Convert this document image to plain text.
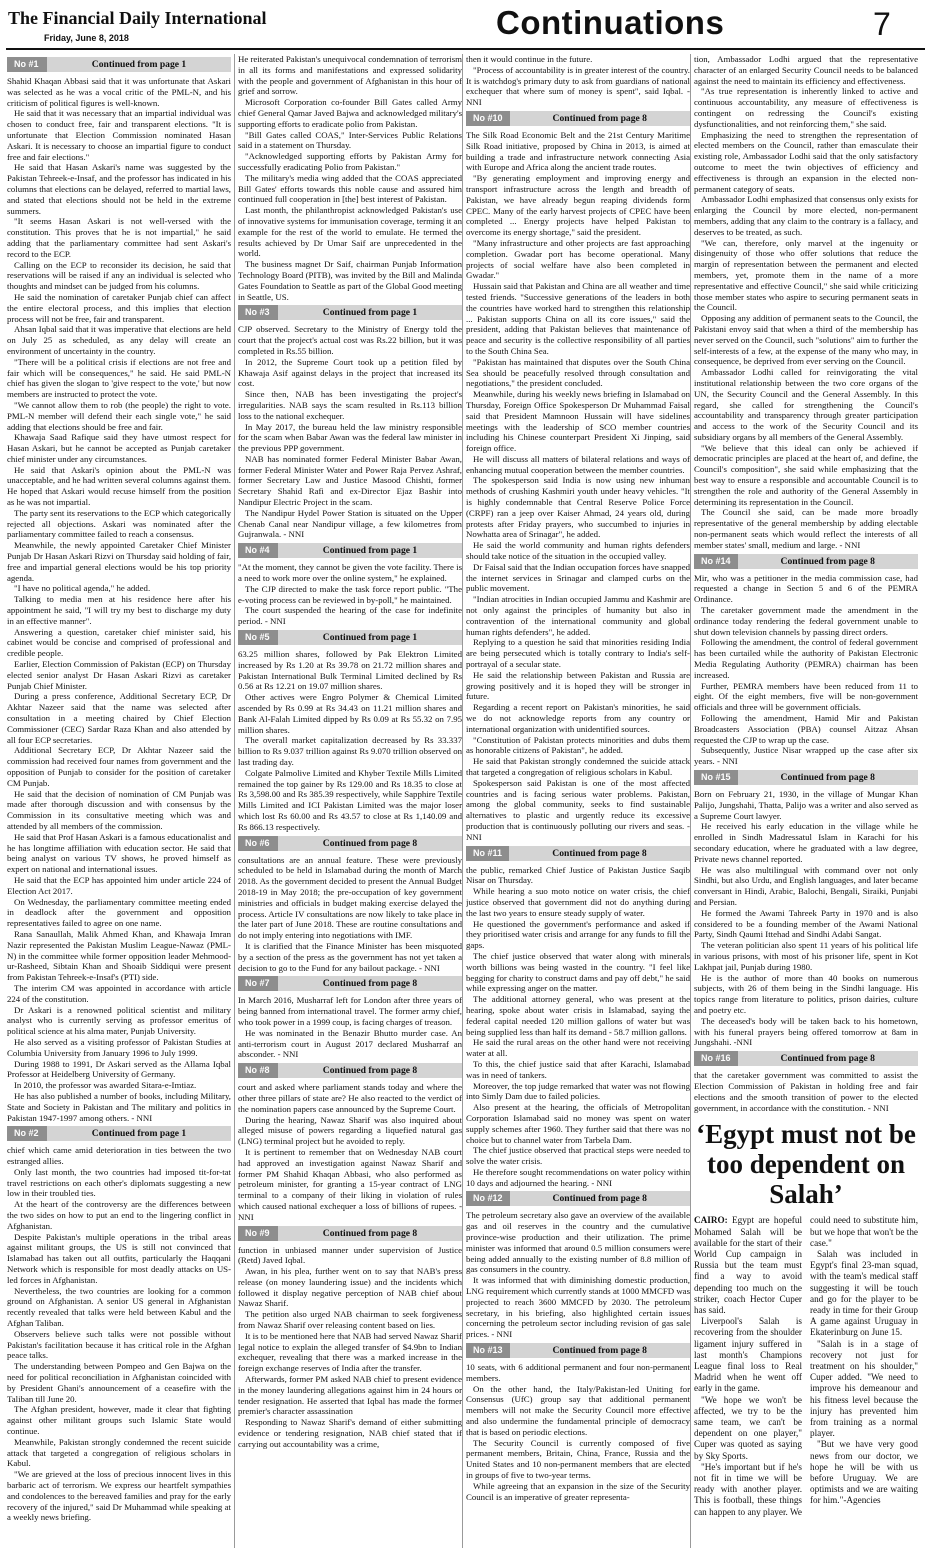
The Financial Daily International
Friday, June 8, 2018	Continuations	7
No #1	Continued from page 1

Shahid Khaqan Abbasi said that it was unfortunate that Askari was selected as he was a vocal critic of the PML-N, and his criticism of political figures is well-known.

He said that it was necessary that an impartial individual was chosen to conduct free, fair and transparent elections. "It is unfortunate that Election Commission nominated Hasan Askari. It is necessary to choose an impartial figure to conduct free and fair elections."

He said that Hasan Askari's name was suggested by the Pakistan Tehreek-e-Insaf, and the professor has indicated in his columns that elections can be delayed, referred to martial laws, and stated that elections should not be held in the extreme summers.

"It seems Hasan Askari is not well-versed with the constitution. This proves that he is not impartial," he said adding that the parliamentary committee had sent Askari's record to the ECP.

Calling on the ECP to reconsider its decision, he said that reservations will be raised if any an individual is selected who thoughts and mindset can be judged from his columns.

He said the nomination of caretaker Punjab chief can affect the entire electoral process, and this implies that election process will not be free, fair and transparent.

Ahsan Iqbal said that it was imperative that elections are held on July 25 as scheduled, as any delay will create an environment of uncertainty in the country.

"There will be a political crisis if elections are not free and fair which will be consequences," he said. He said PML-N chief has given the slogan to 'give respect to the vote,' but now members are instructed to protect the vote.

"We cannot allow them to rob (the people) the right to vote. PML-N member will defend their each single vote," he said adding that elections should be free and fair.

Khawaja Saad Rafique said they have utmost respect for Hasan Askari, but he cannot be accepted as Punjab caretaker chief minister under any circumstances.

He said that Askari's opinion about the PML-N was unacceptable, and he had written several columns against them. He hoped that Askari would recuse himself from the position as he was not impartial.

The party sent its reservations to the ECP which categorically rejected all objections. Askari was nominated after the parliamentary committee failed to reach a consensus.

Meanwhile, the newly appointed Caretaker Chief Minister Punjab Dr Hasan Askari Rizvi on Thursday said holding of fair, free and impartial general elections would be his top priority agenda.

"I have no political agenda," he added.

Talking to media men at his residence here after his appointment he said, "I will try my best to discharge my duty in an effective manner".

Answering a question, caretaker chief minister said, his cabinet would be concise and comprised of professional and credible people.

Earlier, Election Commission of Pakistan (ECP) on Thursday elected senior analyst Dr Hasan Askari Rizvi as caretaker Punjab Chief Minister.

During a press conference, Additional Secretary ECP, Dr Akhtar Nazeer said that the name was selected after consultation in a meeting chaired by Chief Election Commissioner (CEC) Sardar Raza Khan and also attended by all four ECP secretaries.

Additional Secretary ECP, Dr Akhtar Nazeer said the commission had received four names from government and the opposition of Punjab to consider for the position of caretaker CM Punjab.

He said that the decision of nomination of CM Punjab was made after thorough discussion and with consensus by the Commission in its consultative meeting which was and attended by all members of the commission.

He said that Prof Hasan Askari is a famous educationalist and he has longtime affiliation with education sector. He said that being analyst on various TV shows, he proved himself as expert on national and international issues.

He said that the ECP has appointed him under article 224 of Election Act 2017.

On Wednesday, the parliamentary committee meeting ended in deadlock after the government and opposition representatives failed to agree on one name.

Rana Sanaullah, Malik Ahmed Khan, and Khawaja Imran Nazir represented the Pakistan Muslim League-Nawaz (PML-N) in the committee while former opposition leader Mehmood-ur-Rasheed, Sibtain Khan and Shoaib Siddiqui were present from Pakistan Tehreek-e-Insaf's (PTI) side.

The interim CM was appointed in accordance with article 224 of the constitution.

Dr Askari is a renowned political scientist and military analyst who is currently serving as professor emeritus of political science at his alma mater, Punjab University.

He also served as a visiting professor of Pakistan Studies at Columbia University from January 1996 to July 1999.

During 1988 to 1991, Dr Askari served as the Allama Iqbal Professor at Heidelberg University of Germany.

In 2010, the professor was awarded Sitara-e-Imtiaz.

He has also published a number of books, including Military, State and Society in Pakistan and The military and politics in Pakistan 1947-1997 among others. - NNI

No #2	Continued from page 1

chief which came amid deterioration in ties between the two estranged allies.

Only last month, the two countries had imposed tit-for-tat travel restrictions on each other's diplomats suggesting a new low in their troubled ties.

At the heart of the controversy are the differences between the two sides on how to put an end to the lingering conflict in Afghanistan.

Despite Pakistan's multiple operations in the tribal areas against militant groups, the US is still not convinced that Islamabad has taken out all outfits, particularly the Haqqani Network which is responsible for most deadly attacks on US-led forces in Afghanistan.

Nevertheless, the two countries are looking for a common ground on Afghanistan. A senior US general in Afghanistan recently revealed that talks were held between Kabul and the Afghan Taliban.

Observers believe such talks were not possible without Pakistan's facilitation because it has critical role in the Afghan peace talks.

The understanding between Pompeo and Gen Bajwa on the need for political reconciliation in Afghanistan coincided with by President Ghani's announcement of a ceasefire with the Taliban till June 20.

The Afghan president, however, made it clear that fighting against other militant groups such Islamic State would continue.

Meanwhile, Pakistan strongly condemned the recent suicide attack that targeted a congregation of religious scholars in Kabul.

"We are grieved at the loss of precious innocent lives in this barbaric act of terrorism. We express our heartfelt sympathies and condolences to the bereaved families and pray for the early recovery of the injured," said Dr Muhammad while speaking at a weekly news briefing.

He reiterated Pakistan's unequivocal condemnation of terrorism in all its forms and manifestations and expressed solidarity with the people and government of Afghanistan in this hour of grief and sorrow.

Microsoft Corporation co-founder Bill Gates called Army chief General Qamar Javed Bajwa and acknowledged military's supporting efforts to eradicate polio from Pakistan.

"Bill Gates called COAS," Inter-Services Public Relations said in a statement on Thursday.

"Acknowledged supporting efforts by Pakistan Army for successfully eradicating Polio from Pakistan."

The military's media wing added that the COAS appreciated Bill Gates' efforts towards this noble cause and assured him continued full cooperation in [the] best interest of Pakistan.

Last month, the philanthropist acknowledged Pakistan's use of innovative systems for immunisation coverage, terming it an example for the rest of the world to emulate. He termed the results achieved by Dr Umar Saif are unprecedented in the world.

The business magnet Dr Saif, chairman Punjab Information Technology Board (PITB), was invited by the Bill and Malinda Gates Foundation to Seattle as part of the Global Good meeting in Seattle, US.

No #3	Continued from page 1

CJP observed. Secretary to the Ministry of Energy told the court that the project's actual cost was Rs.22 billion, but it was completed in Rs.55 billion.

In 2012, the Supreme Court took up a petition filed by Khawaja Asif against delays in the project that increased its cost.

Since then, NAB has been investigating the project's irregularities. NAB says the scam resulted in Rs.113 billion loss to the national exchequer.

In May 2017, the bureau held the law ministry responsible for the scam when Babar Awan was the federal law minister in the previous PPP government.

NAB has nominated former Federal Minister Babar Awan, former Federal Minister Water and Power Raja Pervez Ashraf, former Secretary Law and Justice Masood Chishti, former Secretary Shahid Rafi and ex-Director Ejaz Bashir into Nandipur Electric Project in the scam.

The Nandipur Hydel Power Station is situated on the Upper Chenab Canal near Nandipur village, a few kilometres from Gujranwala. - NNI

No #4	Continued from page 1

"At the moment, they cannot be given the vote facility. There is a need to work more over the online system," he explained.

The CJP directed to make the task force report public. "The e-voting process can be reviewed in by-poll," he maintained.

The court suspended the hearing of the case for indefinite period. - NNI

No #5	Continued from page 1

63.25 million shares, followed by Pak Elektron Limited increased by Rs 1.20 at Rs 39.78 on 21.72 million shares and Pakistan International Bulk Terminal Limited declined by Rs 0.56 at Rs 12.21 on 19.07 million shares.

Other actives were Engro Polymer & Chemical Limited ascended by Rs 0.99 at Rs 34.43 on 11.21 million shares and Bank Al-Falah Limited dipped by Rs 0.09 at Rs 55.32 on 7.95 million shares.

The overall market capitalization decreased by Rs 33.337 billion to Rs 9.037 trillion against Rs 9.070 trillion observed on last trading day.

Colgate Palmolive Limited and Khyber Textile Mills Limited remained the top gainer by Rs 129.00 and Rs 18.35 to close at Rs 3,598.00 and Rs 385.39 respectively, while Sapphire Textile Mills Limited and ICI Pakistan Limited was the major loser which lost Rs 60.00 and Rs 43.57 to close at Rs 1,140.09 and Rs 866.13 respectively.

No #6	Continued from page 8

consultations are an annual feature. These were previously scheduled to be held in Islamabad during the month of March 2018. As the government decided to present the Annual Budget 2018-19 in May 2018; the pre-occupation of key government ministries and officials in budget making exercise delayed the process. Article IV consultations are now likely to take place in the later part of June 2018. These are routine consultations and do not imply entering into negotiations with IMF.

It is clarified that the Finance Minister has been misquoted by a section of the press as the government has not yet taken a decision to go to the Fund for any bailout package. - NNI

No #7	Continued from page 8

In March 2016, Musharraf left for London after three years of being banned from international travel. The former army chief, who took power in a 1999 coup, is facing charges of treason.

He was nominated in the Benazir Bhutto murder case. An anti-terrorism court in August 2017 declared Musharraf an absconder. - NNI

No #8	Continued from page 8

court and asked where parliament stands today and where the other three pillars of state are? He also reacted to the verdict of the nomination papers case announced by the Supreme Court.

During the hearing, Nawaz Sharif was also inquired about alleged misuse of powers regarding a liquefied natural gas (LNG) terminal project but he avoided to reply.

It is pertinent to remember that on Wednesday NAB court had approved an investigation against Nawaz Sharif and former PM Shahid Khaqan Abbasi, who also performed as petroleum minister, for granting a 15-year contract of LNG terminal to a company of their liking in violation of rules which caused national exchequer a loss of billions of rupees. - NNI

No #9	Continued from page 8

function in unbiased manner under supervision of Justice (Retd) Javed Iqbal.

Awan, in his plea, further went on to say that NAB's press release (on money laundering issue) and the incidents which followed it display negative perception of NAB chief about Nawaz Sharif.

The petition also urged NAB chairman to seek forgiveness from Nawaz Sharif over releasing content based on lies.

It is to be mentioned here that NAB had served Nawaz Sharif legal notice to explain the alleged transfer of $4.9bn to Indian exchequer, revealing that there was a marked increase in the foreign exchange reserves of India after the transfer.

Afterwards, former PM asked NAB chief to present evidence in the money laundering allegations against him in 24 hours or tender resignation. He asserted that Iqbal has made the former premier's character assassination

Responding to Nawaz Sharif's demand of either submitting evidence or tendering resignation, NAB chief stated that if carrying out accountability was a crime,

then it would continue in the future.

"Process of accountability is in greater interest of the country. It is watchdog's primary duty to ask from guardians of national exchequer that where sum of money is spent", said Iqbal. - NNI

No #10	Continued from page 8

The Silk Road Economic Belt and the 21st Century Maritime Silk Road initiative, proposed by China in 2013, is aimed at building a trade and infrastructure network connecting Asia with Europe and Africa along the ancient trade routes.

"By generating employment and improving energy and transport infrastructure across the length and breadth of Pakistan, we have already begun reaping dividends form CPEC. Many of the early harvest projects of CPEC have been completed ... Energy projects have helped Pakistan to overcome its energy shortage," said the president.

"Many infrastructure and other projects are fast approaching completion. Gwadar port has become operational. Many projects of social welfare have also been completed in Gwadar."

Hussain said that Pakistan and China are all weather and time tested friends. "Successive generations of the leaders in both the countries have worked hard to strengthen this relationship ... Pakistan supports China on all its core issues," said the president, adding that Pakistan believes that maintenance of peace and security is the collective responsibility of all parties to the South China Sea.

"Pakistan has maintained that disputes over the South China Sea should be peacefully resolved through consultation and negotiations," the president concluded.

Meanwhile, during his weekly news briefing in Islamabad on Thursday, Foreign Office Spokesperson Dr Muhammad Faisal said that President Mamnoon Hussain will have sidelines meetings with the leadership of SCO member countries including his Chinese counterpart President Xi Jinping, said foreign office.

He will discuss all matters of bilateral relations and ways of enhancing mutual cooperation between the member countries.

The spokesperson said India is now using new inhuman methods of crushing Kashmiri youth under heavy vehicles. "It is highly condemnable that Central Reserve Police Force (CRPF) ran a jeep over Kaiser Ahmad, 24 years old, during protests after Friday prayers, who succumbed to injuries in Nowhatta area of Srinagar", he added.

He said the world community and human rights defenders should take notice of the situation in the occupied valley.

Dr Faisal said that the Indian occupation forces have snapped the internet services in Srinagar and clamped curbs on the public movement.

"Indian atrocities in Indian occupied Jammu and Kashmir are not only against the principles of humanity but also in contravention of the international community and global human rights defenders", he added.

Replying to a question he said that minorities residing India are being persecuted which is totally contrary to India's self-portrayal of a secular state.

He said the relationship between Pakistan and Russia are growing positively and it is hoped they will be stronger in future.

Regarding a recent report on Pakistan's minorities, he said we do not acknowledge reports from any country or international organization with unidentified sources.

"Constitution of Pakistan protects minorities and dubs them as honorable citizens of Pakistan", he added.

He said that Pakistan strongly condemned the suicide attack that targeted a congregation of religious scholars in Kabul.

Spokesperson said Pakistan is one of the most affected countries and is facing serious water problems. Pakistan, among the global community, seeks to find sustainable alternatives to plastic and urgently reduce its excessive production that is continuously polluting our rivers and seas. - NNI

No #11	Continued from page 8

the public, remarked Chief Justice of Pakistan Justice Saqib Nisar on Thursday.

While hearing a suo moto notice on water crisis, the chief justice observed that government did not do anything during the last two years to ensure steady supply of water.

He questioned the government's performance and asked if they prioritised water crisis and arrange for any funds to fill the gaps.

The chief justice observed that water along with minerals worth billions was being wasted in the country. "I feel like begging for charity to construct dams and pay off debt," he said while expressing anger on the matter.

The additional attorney general, who was present at the hearing, spoke about water crisis in Islamabad, saying the federal capital needed 120 million gallons of water but was being supplied less than half its demand - 58.7 million gallons.

He said the rural areas on the other hand were not receiving water at all.

To this, the chief justice said that after Karachi, Islamabad was in need of tankers.

Moreover, the top judge remarked that water was not flowing into Simly Dam due to failed policies.

Also present at the hearing, the officials of Metropolitan Corporation Islamabad said no money was spent on water supply schemes after 1960. They further said that there was no choice but to channel water from Tarbela Dam.

The chief justice observed that practical steps were needed to solve the water crisis.

He therefore sought recommendations on water policy within 10 days and adjourned the hearing. - NNI

No #12	Continued from page 8

The petroleum secretary also gave an overview of the available gas and oil reserves in the country and the cumulative province-wise production and their utilization. The prime minister was informed that around 0.5 million consumers were being added annually to the existing number of 8.8 million of gas consumers in the country.

It was informed that with diminishing domestic production, LNG requirement which currently stands at 1000 MMCFD was projected to reach 3600 MMCFD by 2030. The petroleum secretary, in his briefing, also highlighted certain issues concerning the petroleum sector including revision of gas sale prices. - NNI

No #13	Continued from page 8

10 seats, with 6 additional permanent and four non-permanent members.

On the other hand, the Italy/Pakistan-led Uniting for Consensus (UfC) group say that additional permanent members will not make the Security Council more effective and also undermine the fundamental principle of democracy that is based on periodic elections.

The Security Council is currently composed of five permanent members, Britain, China, France, Russia and the United States and 10 non-permanent members that are elected in groups of five to two-year terms.

While agreeing that an expansion in the size of the Security Council is an imperative of greater representa-

tion, Ambassador Lodhi argued that the representative character of an enlarged Security Council needs to be balanced against the need to maintain its efficiency and effectiveness.

"As true representation is inherently linked to active and continuous accountability, any measure of effectiveness is contingent on redressing the Council's existing dysfunctionalities, and not reinforcing them," she said.

Emphasizing the need to strengthen the representation of elected members on the Council, rather than emasculate their existing role, Ambassador Lodhi said that the only satisfactory outcome to meet the twin objectives of efficiency and effectiveness is through an expansion in the elected non-permanent category of seats.

Ambassador Lodhi emphasized that consensus only exists for enlarging the Council by more elected, non-permanent members, adding that any claim to the contrary is a fallacy, and deserves to be treated, as such.

"We can, therefore, only marvel at the ingenuity or disingenuity of those who offer solutions that reduce the margin of representation between the permanent and elected members, yet, promote them in the name of a more representative and effective Council," she said while criticizing those member states who aspire to securing permanent seats in the Council.

Opposing any addition of permanent seats to the Council, the Pakistani envoy said that when a third of the membership has never served on the Council, such "solutions" aim to further the self-interests of a few, at the expense of the many who may, in consequence, be deprived from ever serving on the Council.

Ambassador Lodhi called for reinvigorating the vital institutional relationship between the two core organs of the UN, the Security Council and the General Assembly. In this regard, she called for strengthening the Council's accountability and transparency through greater participation and access to the work of the Security Council and its subsidiary organs by all members of the General Assembly.

"We believe that this ideal can only be achieved if democratic principles are placed at the heart of, and define, the Council's composition", she said while emphasizing that the best way to ensure a responsible and accountable Council is to strengthen the role and authority of the General Assembly in determining its representation in the Council.

The Council she said, can be made more broadly representative of the general membership by adding electable non-permanent seats which would reflect the interests of all member states' small, medium and large. - NNI

No #14	Continued from page 8

Mir, who was a petitioner in the media commission case, had requested a change in Section 5 and 6 of the PEMRA Ordinance.

The caretaker government made the amendment in the ordinance today rendering the federal government unable to shut down television channels by passing direct orders.

Following the amendment, the control of federal government has been curtailed while the authority of Pakistan Electronic Media Regulating Authority (PEMRA) chairman has been increased.

Further, PEMRA members have been reduced from 11 to eight. Of the eight members, five will be non-government officials and three will be government officials.

Following the amendment, Hamid Mir and Pakistan Broadcasters Association (PBA) counsel Aitzaz Ahsan requested the CJP to wrap up the case.

Subsequently, Justice Nisar wrapped up the case after six years. - NNI

No #15	Continued from page 8

Born on February 21, 1930, in the village of Mungar Khan Palijo, Jungshahi, Thatta, Palijo was a writer and also served as a Supreme Court lawyer.

He received his early education in the village while he enrolled in Sindh Madressatul Islam in Karachi for his secondary education, where he graduated with a law degree, Private news channel reported.

He was also multilingual with command over not only Sindhi, but also Urdu, and English languages, and later became conversant in Hindi, Arabic, Balochi, Bengali, Siraiki, Punjabi and Persian.

He formed the Awami Tahreek Party in 1970 and is also considered to be a founding member of the Awami National Party, Sindh Qaumi Ittehad and Sindhi Adabi Sangat.

The veteran politician also spent 11 years of his political life in various prisons, with most of his prisoner life, spent in Kot Lakhpat jail, Punjab during 1980.

He is the author of more than 40 books on numerous subjects, with 26 of them being in the Sindhi language. His topics range from literature to politics, prison dairies, culture and poetry etc.

The deceased's body will be taken back to his hometown, with his funeral prayers being offered tomorrow at 8am in Jungshahi. -NNI

No #16	Continued from page 8

that the caretaker government was committed to assist the Election Commission of Pakistan in holding free and fair elections and the smooth transition of power to the elected government, in accordance with the constitution. - NNI

‘Egypt must not be too dependent on Salah’

CAIRO: Egypt are hopeful Mohamed Salah will be available for the start of their World Cup campaign in Russia but the team must find a way to avoid depending too much on the striker, coach Hector Cuper has said.

Liverpool's Salah is recovering from the shoulder ligament injury suffered in last month's Champions League final loss to Real Madrid when he went off early in the game.

"We hope we won't be affected, we try to be the same team, we can't be dependent on one player," Cuper was quoted as saying by Sky Sports.

"He's important but if he's not fit in time we will be ready with another player. This is football, these things can happen to any player. We could need to substitute him, but we hope that won't be the case."

Salah was included in Egypt's final 23-man squad, with the team's medical staff suggesting it will be touch and go for the player to be ready in time for their Group A game against Uruguay in Ekaterinburg on June 15.

"Salah is in a stage of recovery not just for treatment on his shoulder," Cuper added. "We need to improve his demeanour and his fitness level because the injury has prevented him from training as a normal player.

"But we have very good news from our doctor, we hope he will be with us before Uruguay. We are optimists and we are waiting for him."-Agencies
